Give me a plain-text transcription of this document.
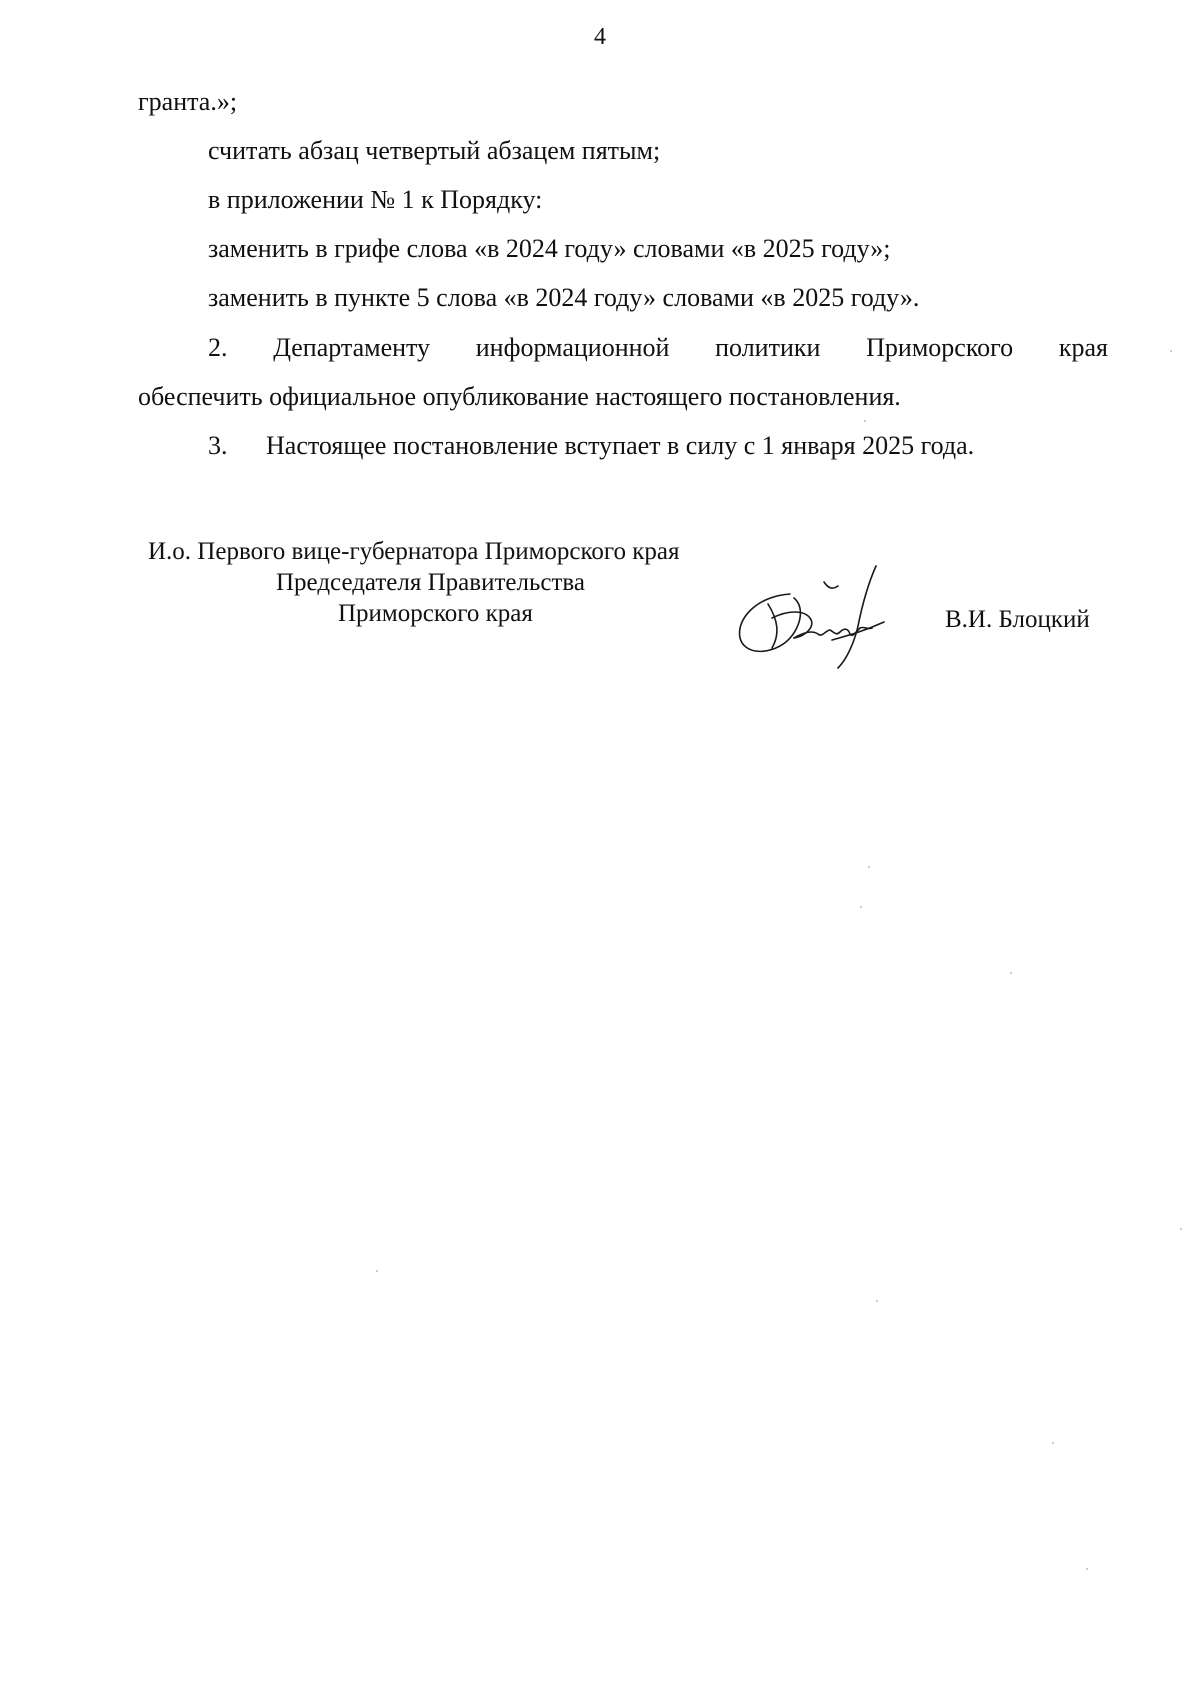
4
гранта.»;
считать абзац четвертый абзацем пятым;
в приложении № 1 к Порядку:
заменить в грифе слова «в 2024 году» словами «в 2025 году»;
заменить в пункте 5 слова «в 2024 году» словами «в 2025 году».
2. Департаменту информационной политики Приморского края
обеспечить официальное опубликование настоящего постановления.
3. Настоящее постановление вступает в силу с 1 января 2025 года.
И.о. Первого вице-губернатора Приморского края
Председателя Правительства
Приморского края	В.И. Блоцкий
